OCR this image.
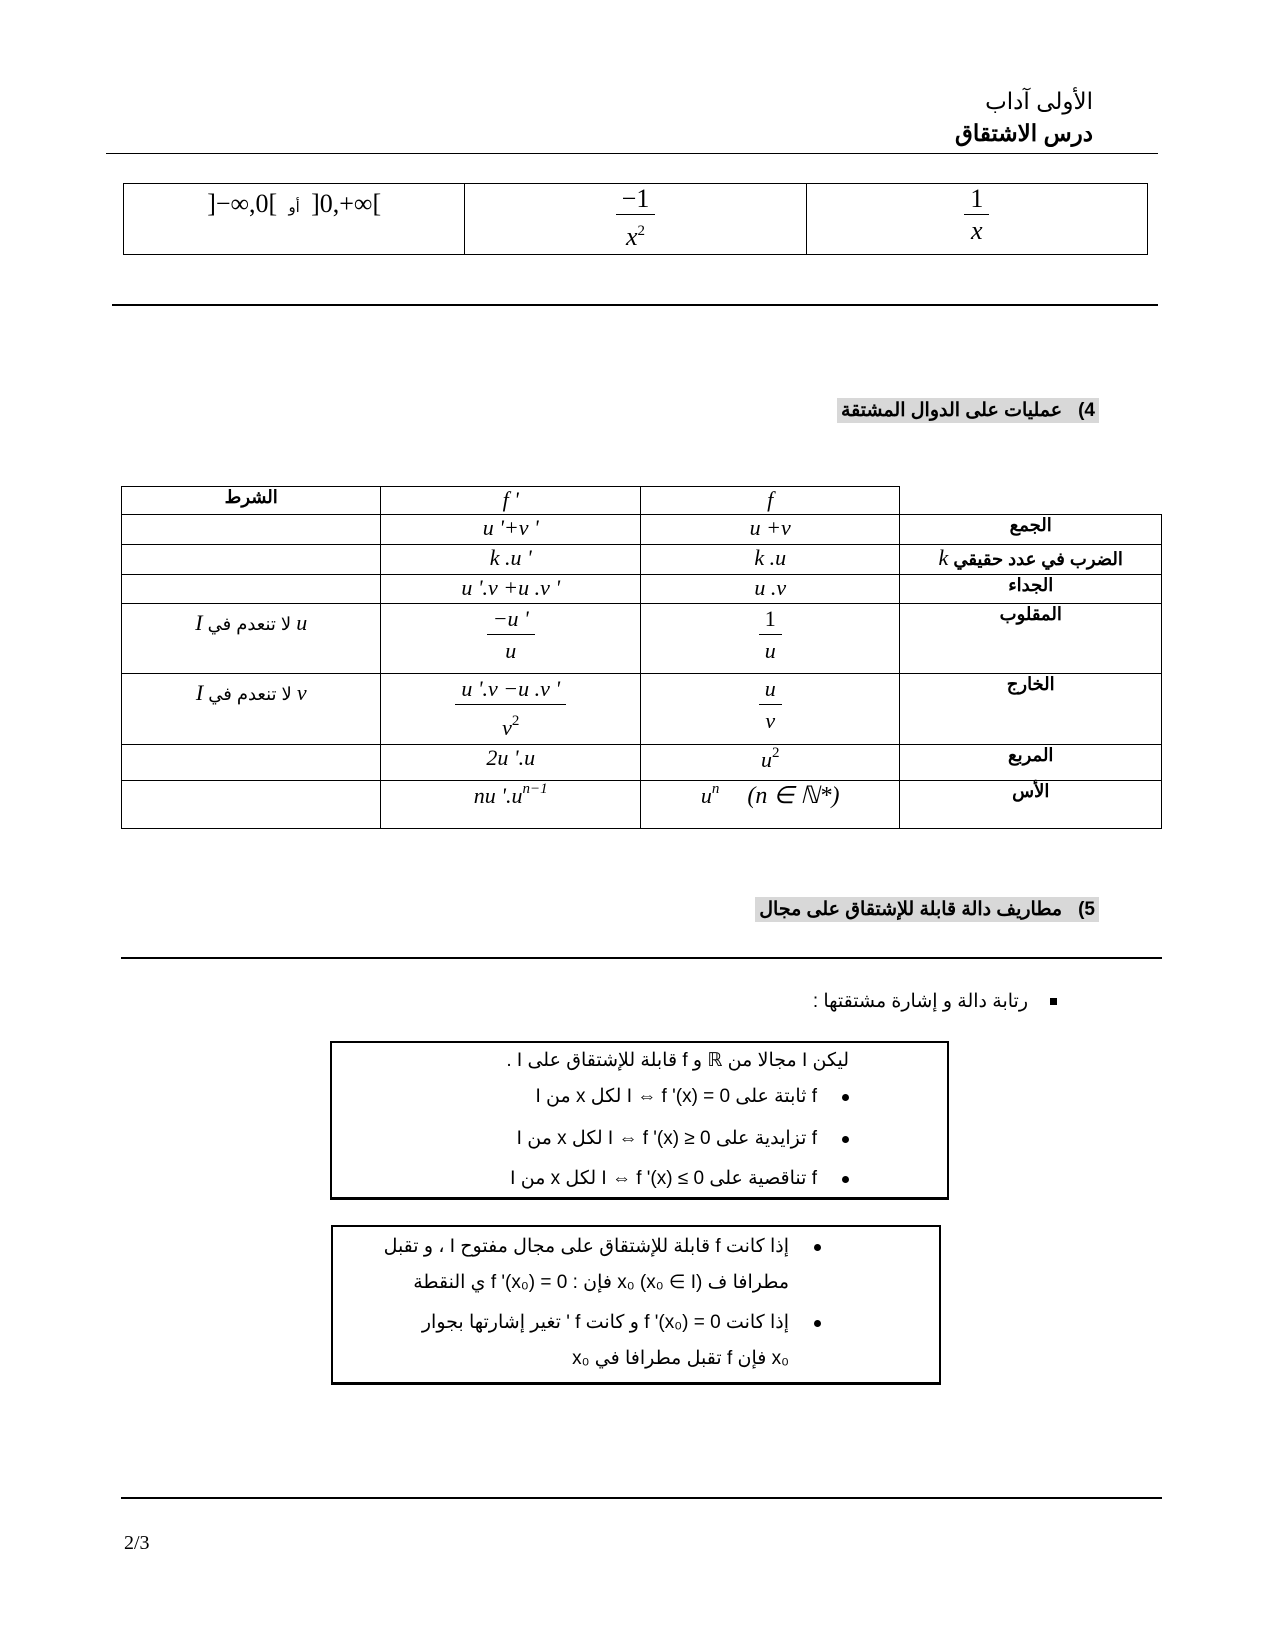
الأولى آداب
درس الاشتقاق
]−∞,0[ أو ]0,+∞[	$\frac{-1}{x^2}$	$\frac{1}{x}$
4)عمليات على الدوال المشتقة
الشرط	f '	f	
	u '+v '	u +v	الجمع
	k .u '	k .u	الضرب في عدد حقيقي k
	u '.v +u .v '	u .v	الجداء
u لا تنعدم في I	$\frac{-u '}{u}$	$\frac{1}{u}$	المقلوب
v لا تنعدم في I	$\frac{u '.v -u .v '}{v^2}$	$\frac{u}{v}$	الخارج
	2u '.u	$u^2$	المربع
	nu '$.u^{n-1}$	$u^n$ (n ∈ ℕ*)	الأس
5)مطاريف دالة قابلة للإشتقاق على مجال
رتابة دالة و إشارة مشتقتها :
ليكن I مجالا من ℝ و f قابلة للإشتقاق على I .
f ثابتة على I ⇔ f '(x) = 0 لكل x من I
f تزايدية على I ⇔ f '(x) ≥ 0 لكل x من I
f تناقصية على I ⇔ f '(x) ≤ 0 لكل x من I
إذا كانت f قابلة للإشتقاق على مجال مفتوح I ، و تقبل
مطرافا ف x₀ (x₀ ∈ I) فإن : f '(x₀) = 0 ي النقطة
إذا كانت f '(x₀) = 0 و كانت f ' تغير إشارتها بجوار
x₀ فإن f تقبل مطرافا في x₀
2/3
